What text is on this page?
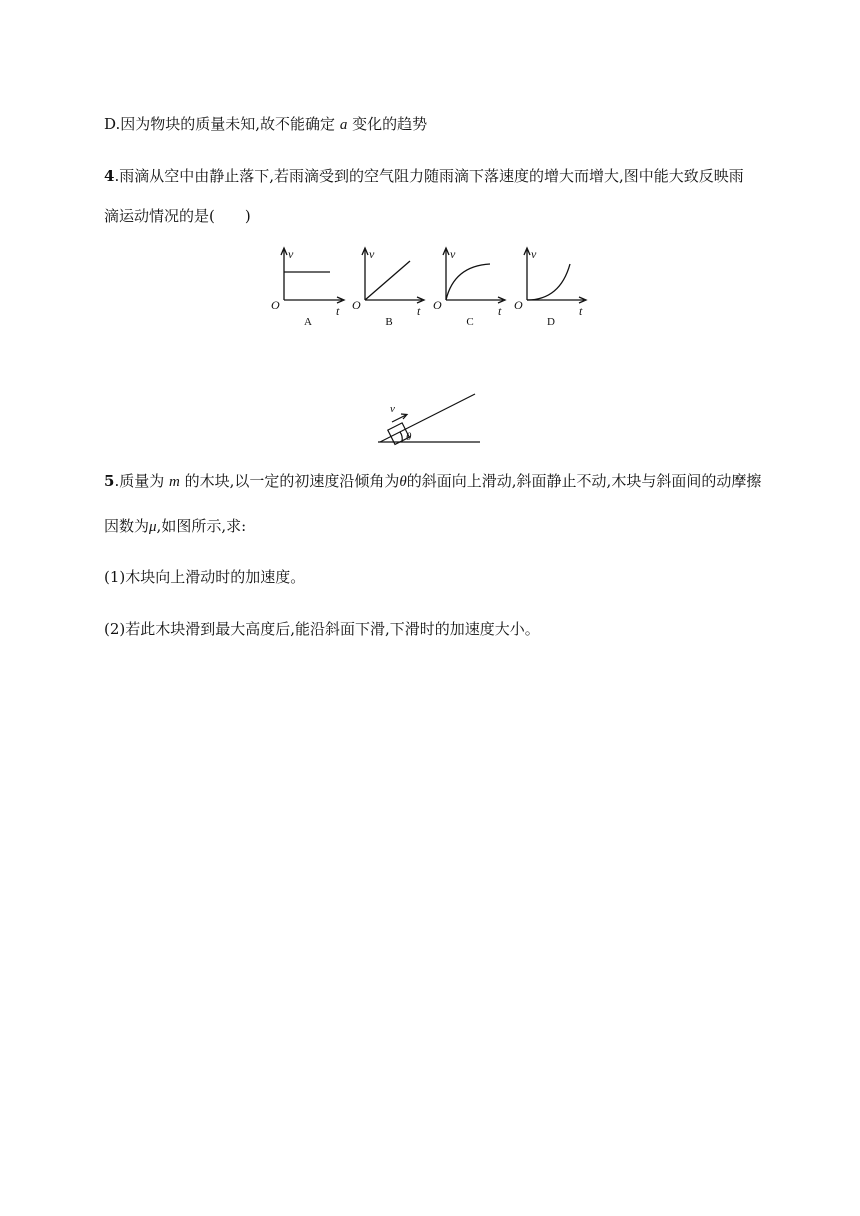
D.因为物块的质量未知,故不能确定 a 变化的趋势
4.雨滴从空中由静止落下,若雨滴受到的空气阻力随雨滴下落速度的增大而增大,图中能大致反映雨
滴运动情况的是(　　)
v
O	t
v
O	t
v
O	t
v
O	t
A	B	C	D
v
θ
5.质量为 m 的木块,以一定的初速度沿倾角为θ的斜面向上滑动,斜面静止不动,木块与斜面间的动摩擦
因数为μ,如图所示,求:
(1)木块向上滑动时的加速度。
(2)若此木块滑到最大高度后,能沿斜面下滑,下滑时的加速度大小。
